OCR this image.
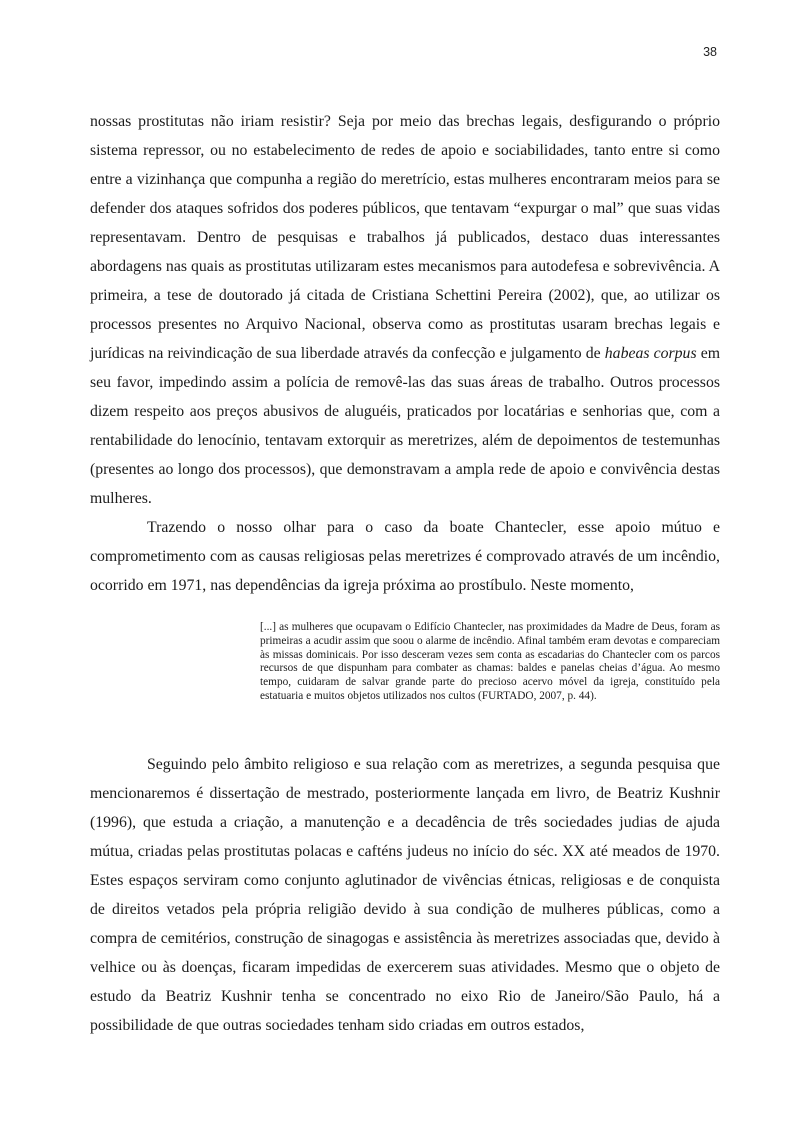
38

nossas prostitutas não iriam resistir? Seja por meio das brechas legais, desfigurando o próprio sistema repressor, ou no estabelecimento de redes de apoio e sociabilidades, tanto entre si como entre a vizinhança que compunha a região do meretrício, estas mulheres encontraram meios para se defender dos ataques sofridos dos poderes públicos, que tentavam “expurgar o mal” que suas vidas representavam. Dentro de pesquisas e trabalhos já publicados, destaco duas interessantes abordagens nas quais as prostitutas utilizaram estes mecanismos para autodefesa e sobrevivência. A primeira, a tese de doutorado já citada de Cristiana Schettini Pereira (2002), que, ao utilizar os processos presentes no Arquivo Nacional, observa como as prostitutas usaram brechas legais e jurídicas na reivindicação de sua liberdade através da confecção e julgamento de habeas corpus em seu favor, impedindo assim a polícia de removê-las das suas áreas de trabalho. Outros processos dizem respeito aos preços abusivos de aluguéis, praticados por locatárias e senhorias que, com a rentabilidade do lenocínio, tentavam extorquir as meretrizes, além de depoimentos de testemunhas (presentes ao longo dos processos), que demonstravam a ampla rede de apoio e convivência destas mulheres.

Trazendo o nosso olhar para o caso da boate Chantecler, esse apoio mútuo e comprometimento com as causas religiosas pelas meretrizes é comprovado através de um incêndio, ocorrido em 1971, nas dependências da igreja próxima ao prostíbulo. Neste momento,

[...] as mulheres que ocupavam o Edifício Chantecler, nas proximidades da Madre de Deus, foram as primeiras a acudir assim que soou o alarme de incêndio. Afinal também eram devotas e compareciam às missas dominicais. Por isso desceram vezes sem conta as escadarias do Chantecler com os parcos recursos de que dispunham para combater as chamas: baldes e panelas cheias d’água. Ao mesmo tempo, cuidaram de salvar grande parte do precioso acervo móvel da igreja, constituído pela estatuaria e muitos objetos utilizados nos cultos (FURTADO, 2007, p. 44).

Seguindo pelo âmbito religioso e sua relação com as meretrizes, a segunda pesquisa que mencionaremos é dissertação de mestrado, posteriormente lançada em livro, de Beatriz Kushnir (1996), que estuda a criação, a manutenção e a decadência de três sociedades judias de ajuda mútua, criadas pelas prostitutas polacas e cafténs judeus no início do séc. XX até meados de 1970. Estes espaços serviram como conjunto aglutinador de vivências étnicas, religiosas e de conquista de direitos vetados pela própria religião devido à sua condição de mulheres públicas, como a compra de cemitérios, construção de sinagogas e assistência às meretrizes associadas que, devido à velhice ou às doenças, ficaram impedidas de exercerem suas atividades. Mesmo que o objeto de estudo da Beatriz Kushnir tenha se concentrado no eixo Rio de Janeiro/São Paulo, há a possibilidade de que outras sociedades tenham sido criadas em outros estados,
